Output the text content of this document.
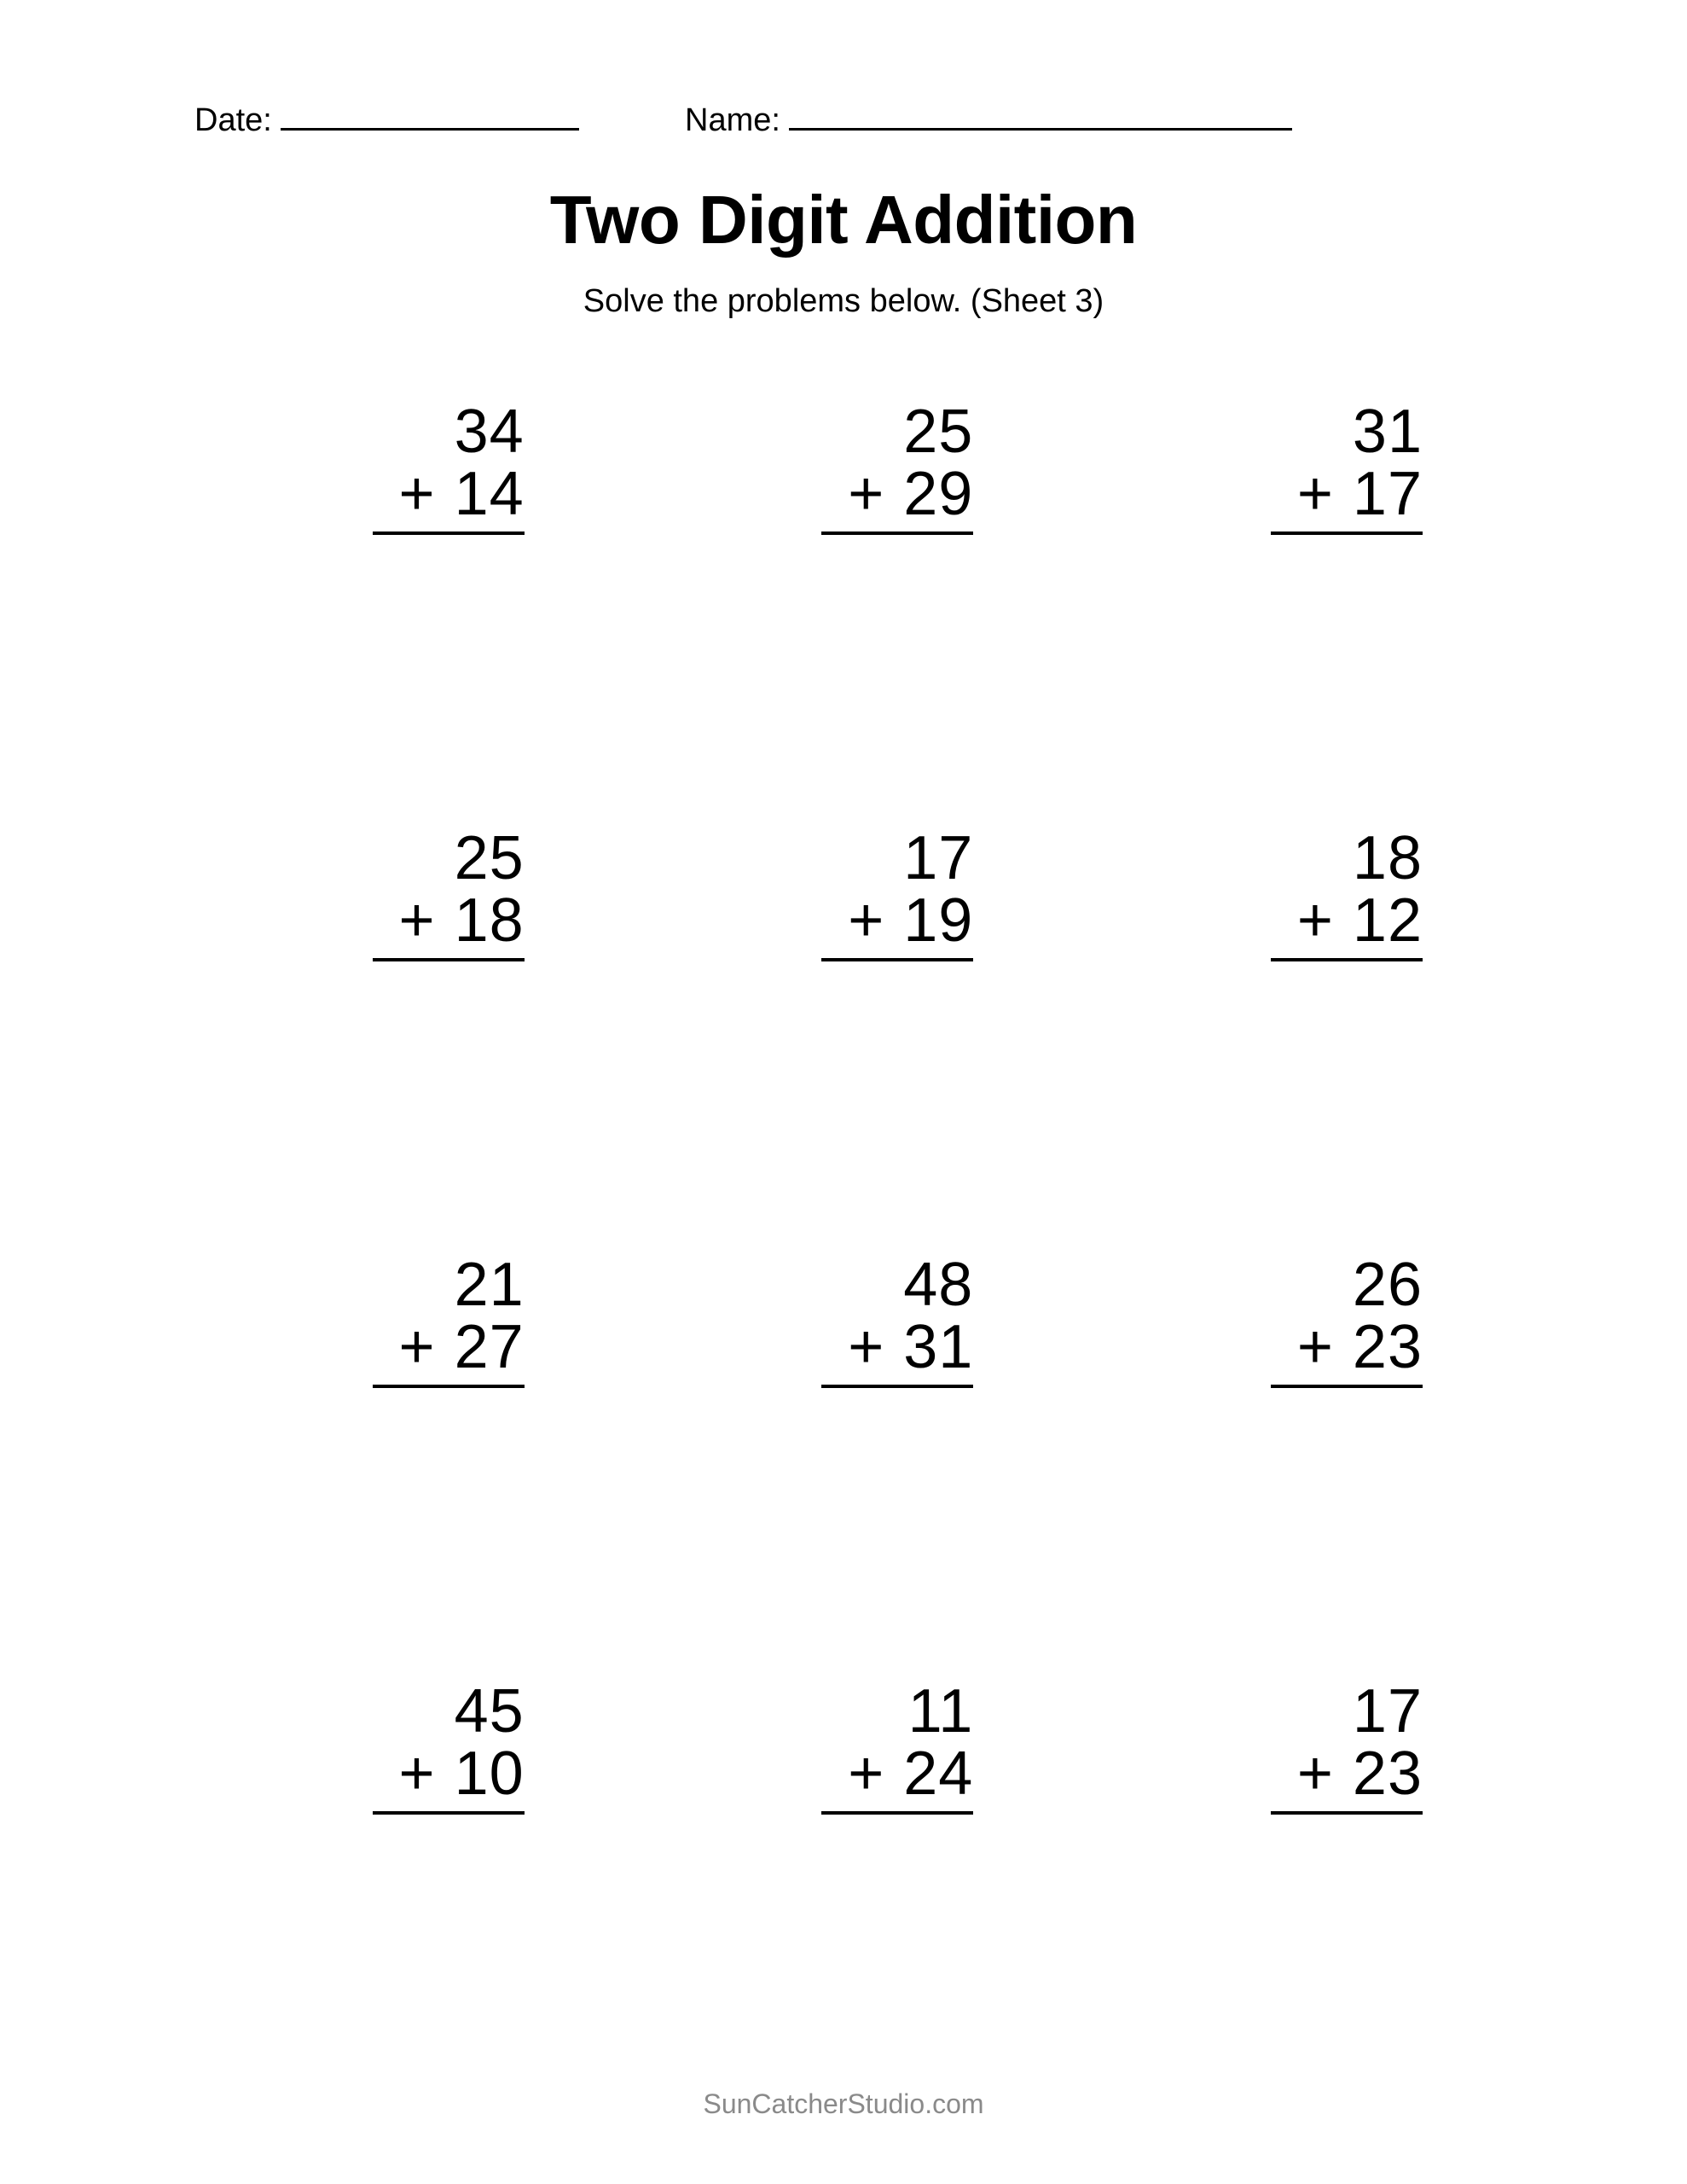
Date:	Name:
Two Digit Addition
Solve the problems below. (Sheet 3)
34
+ 14
25
+ 29
31
+ 17
25
+ 18
17
+ 19
18
+ 12
21
+ 27
48
+ 31
26
+ 23
45
+ 10
11
+ 24
17
+ 23
SunCatcherStudio.com
